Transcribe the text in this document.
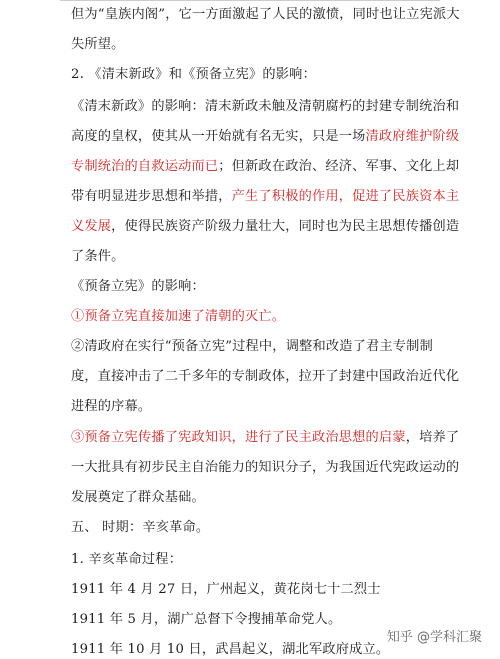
但为“皇族内阁”，它一方面激起了人民的激愤，同时也让立宪派大
失所望。
2. 《清末新政》和《预备立宪》的影响：
《清末新政》的影响：清末新政未触及清朝腐朽的封建专制统治和
高度的皇权，使其从一开始就有名无实，只是一场清政府维护阶级
专制统治的自救运动而已；但新政在政治、经济、军事、文化上却
带有明显进步思想和举措，产生了积极的作用，促进了民族资本主
义发展，使得民族资产阶级力量壮大，同时也为民主思想传播创造
了条件。
《预备立宪》的影响：
①预备立宪直接加速了清朝的灭亡。
②清政府在实行“预备立宪”过程中，调整和改造了君主专制制
度，直接冲击了二千多年的专制政体，拉开了封建中国政治近代化
进程的序幕。
③预备立宪传播了宪政知识，进行了民主政治思想的启蒙，培养了
一大批具有初步民主自治能力的知识分子，为我国近代宪政运动的
发展奠定了群众基础。
五、 时期：辛亥革命。
1. 辛亥革命过程：
1911 年 4 月 27 日，广州起义，黄花岗七十二烈士
1911 年 5 月，湖广总督下令搜捕革命党人。
1911 年 10 月 10 日，武昌起义，湖北军政府成立。
知乎 @学科汇聚
